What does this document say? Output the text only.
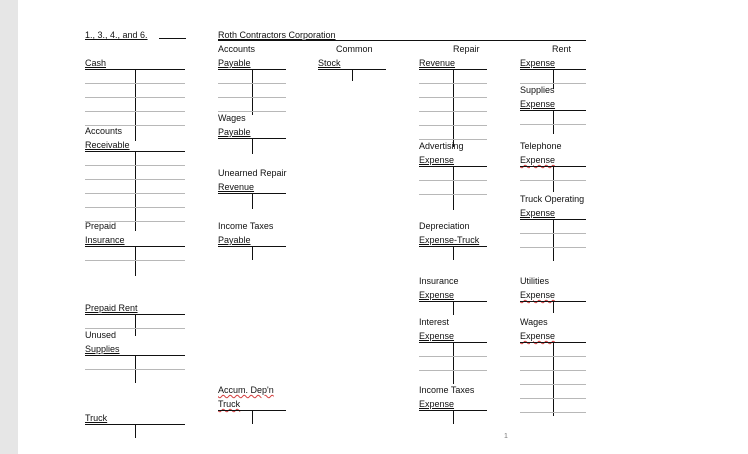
1., 3., 4., and 6.	Roth Contractors Corporation
1
Cash
Accounts
Receivable
Prepaid
Insurance
Prepaid Rent
Unused
Supplies
Truck
Accounts
Payable
Wages
Payable
Unearned Repair
Revenue
Income Taxes
Payable
Accum. Dep'n
Truck
Common
Stock
Repair
Revenue
Advertising
Expense
Depreciation
Expense-Truck
Insurance
Expense
Interest
Expense
Income Taxes
Expense
Rent
Expense
Supplies
Expense
Telephone
Expense
Truck Operating
Expense
Utilities
Expense
Wages
Expense
